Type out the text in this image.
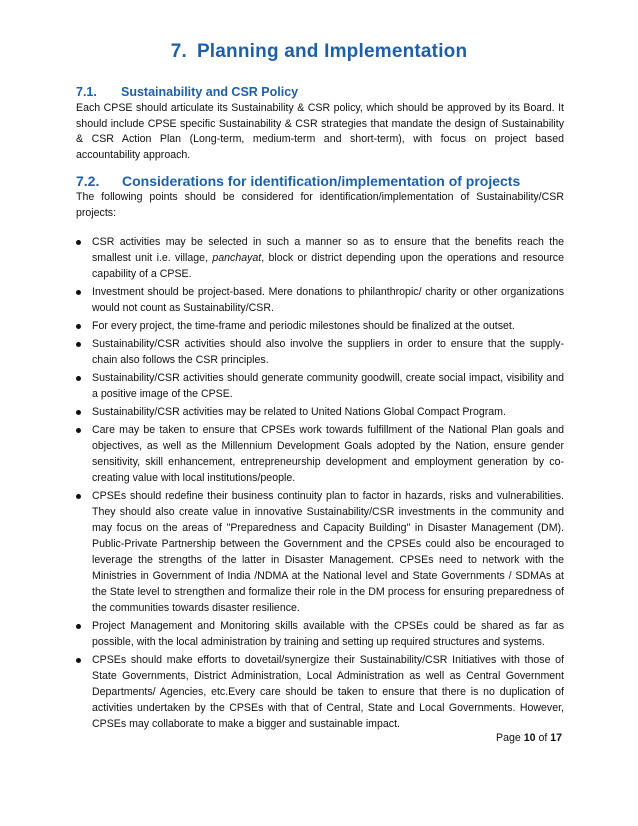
7. Planning and Implementation
7.1. Sustainability and CSR Policy
Each CPSE should articulate its Sustainability & CSR policy, which should be approved by its Board. It should include CPSE specific Sustainability & CSR strategies that mandate the design of Sustainability & CSR Action Plan (Long-term, medium-term and short-term), with focus on project based accountability approach.
7.2. Considerations for identification/implementation of projects
The following points should be considered for identification/implementation of Sustainability/CSR projects:
CSR activities may be selected in such a manner so as to ensure that the benefits reach the smallest unit i.e. village, panchayat, block or district depending upon the operations and resource capability of a CPSE.
Investment should be project-based. Mere donations to philanthropic/ charity or other organizations would not count as Sustainability/CSR.
For every project, the time-frame and periodic milestones should be finalized at the outset.
Sustainability/CSR activities should also involve the suppliers in order to ensure that the supply-chain also follows the CSR principles.
Sustainability/CSR activities should generate community goodwill, create social impact, visibility and a positive image of the CPSE.
Sustainability/CSR activities may be related to United Nations Global Compact Program.
Care may be taken to ensure that CPSEs work towards fulfillment of the National Plan goals and objectives, as well as the Millennium Development Goals adopted by the Nation, ensure gender sensitivity, skill enhancement, entrepreneurship development and employment generation by co-creating value with local institutions/people.
CPSEs should redefine their business continuity plan to factor in hazards, risks and vulnerabilities. They should also create value in innovative Sustainability/CSR investments in the community and may focus on the areas of "Preparedness and Capacity Building" in Disaster Management (DM). Public-Private Partnership between the Government and the CPSEs could also be encouraged to leverage the strengths of the latter in Disaster Management. CPSEs need to network with the Ministries in Government of India /NDMA at the National level and State Governments / SDMAs at the State level to strengthen and formalize their role in the DM process for ensuring preparedness of the communities towards disaster resilience.
Project Management and Monitoring skills available with the CPSEs could be shared as far as possible, with the local administration by training and setting up required structures and systems.
CPSEs should make efforts to dovetail/synergize their Sustainability/CSR Initiatives with those of State Governments, District Administration, Local Administration as well as Central Government Departments/ Agencies, etc.Every care should be taken to ensure that there is no duplication of activities undertaken by the CPSEs with that of Central, State and Local Governments. However, CPSEs may collaborate to make a bigger and sustainable impact.
Page 10 of 17
